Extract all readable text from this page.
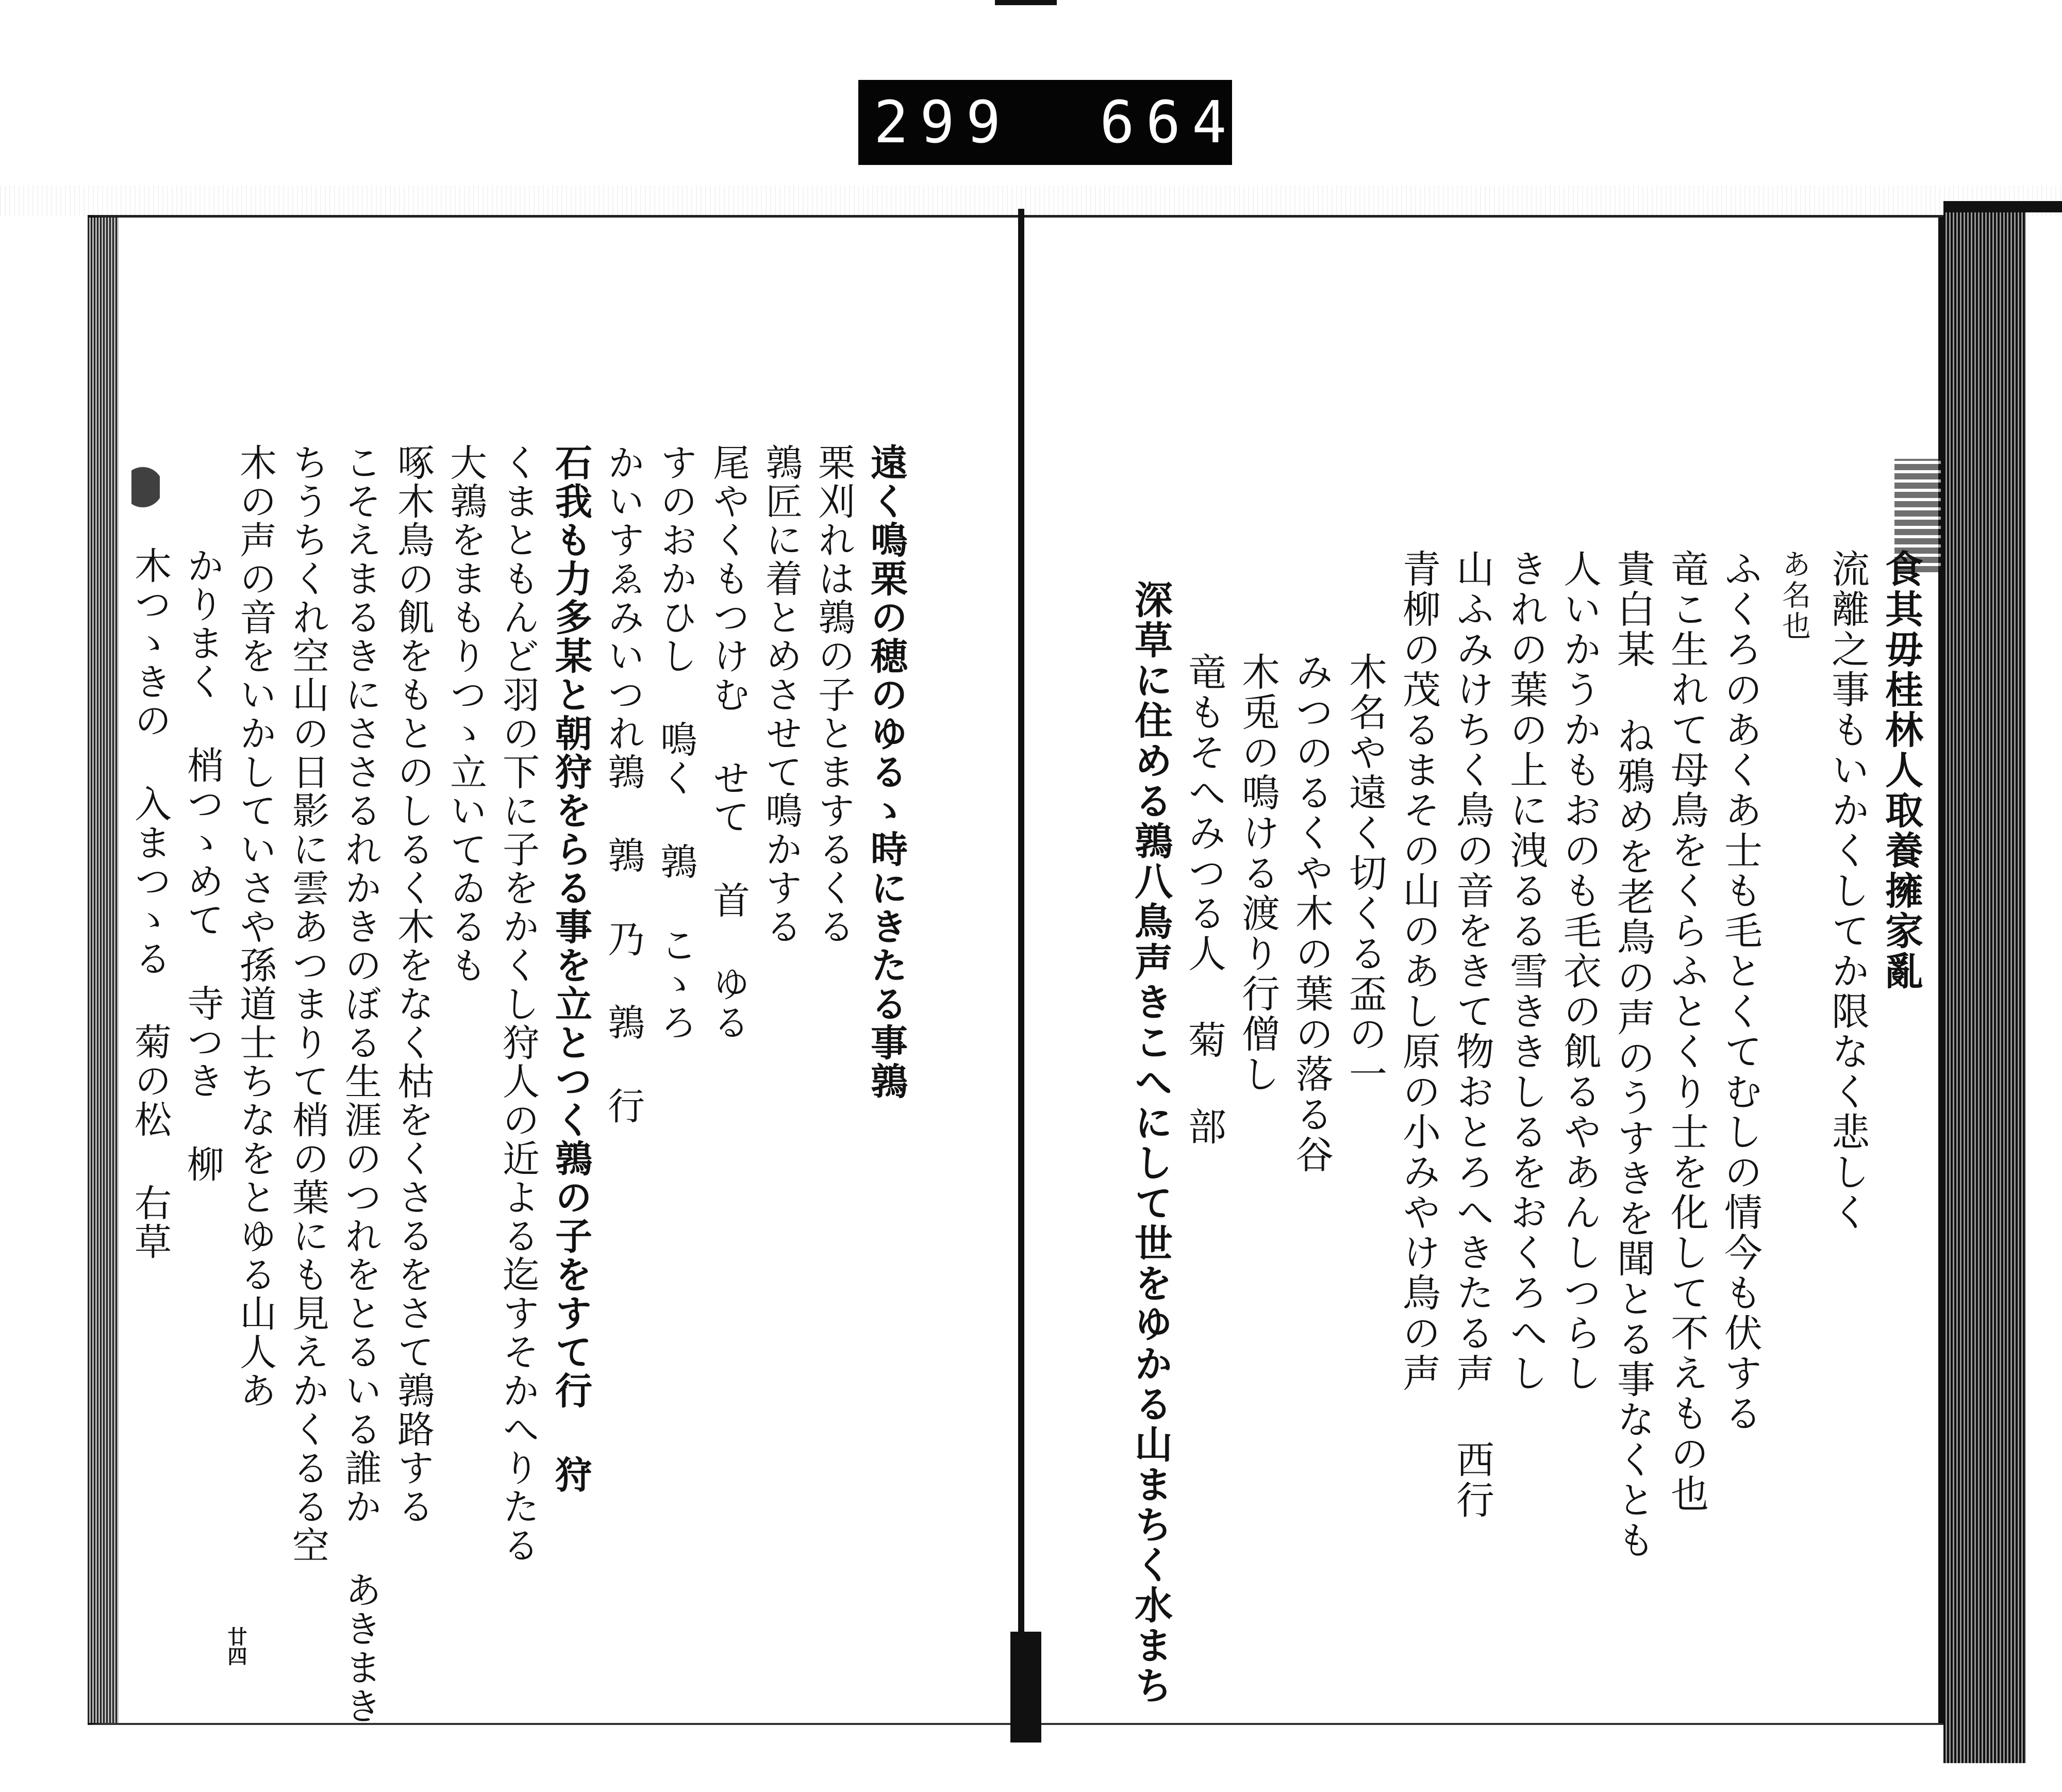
299 664.
廿四
食其毋桂林人取養擁家亂
流離之事もいかくしてか限なく悲しく
あ名也
ふくろのあくあ士も毛とくてむしの情今も伏する
竜こ生れて母鳥をくらふとくり士を化して不えもの也
貴白某 ね鴉めを老鳥の声のうすきを聞とる事なくとも
人いかうかもおのも毛衣の飢るやあんしつらし
きれの葉の上に洩るる雪ききしるをおくろへし
山ふみけちく鳥の音をきて物おとろへきたる声 西行
青柳の茂るまその山のあし原の小みやけ鳥の声
木名や遠く切くる盃の一
みつのるくや木の葉の落る谷
木兎の鳴ける渡り行僧し
竜もそへみつる人 菊 部
深草に住める鶉八鳥声きこへにして世をゆかる山まちく水まち
遠く鳴栗の穂のゆるゝ時にきたる事鶉
栗刈れは鶉の子とまするくる
鶉匠に着とめさせて鳴かする
尾やくもつけむ せて 首 ゆる
すのおかひし 鳴く 鶉 こゝろ
かいすゑみいつれ鶉 鶉 乃 鶉 行
石我も力多某と朝狩をらる事を立とつく鶉の子をすて行 狩
くまともんど羽の下に子をかくし狩人の近よる迄すそかへりたる
大鶉をまもりつゝ立いてゐるも
啄木鳥の飢をもとのしるく木をなく枯をくさるをさて鶉路する
こそえまるきにささるれかきのぼる生涯のつれをとるいる誰か あきまき
ちうちくれ空山の日影に雲あつまりて梢の葉にも見えかくるる空
木の声の音をいかしていさや孫道士ちなをとゆる山人あ
かりまく 梢つゝめて 寺つき 柳
木つゝきの 入まつゝる 菊の松 右草
